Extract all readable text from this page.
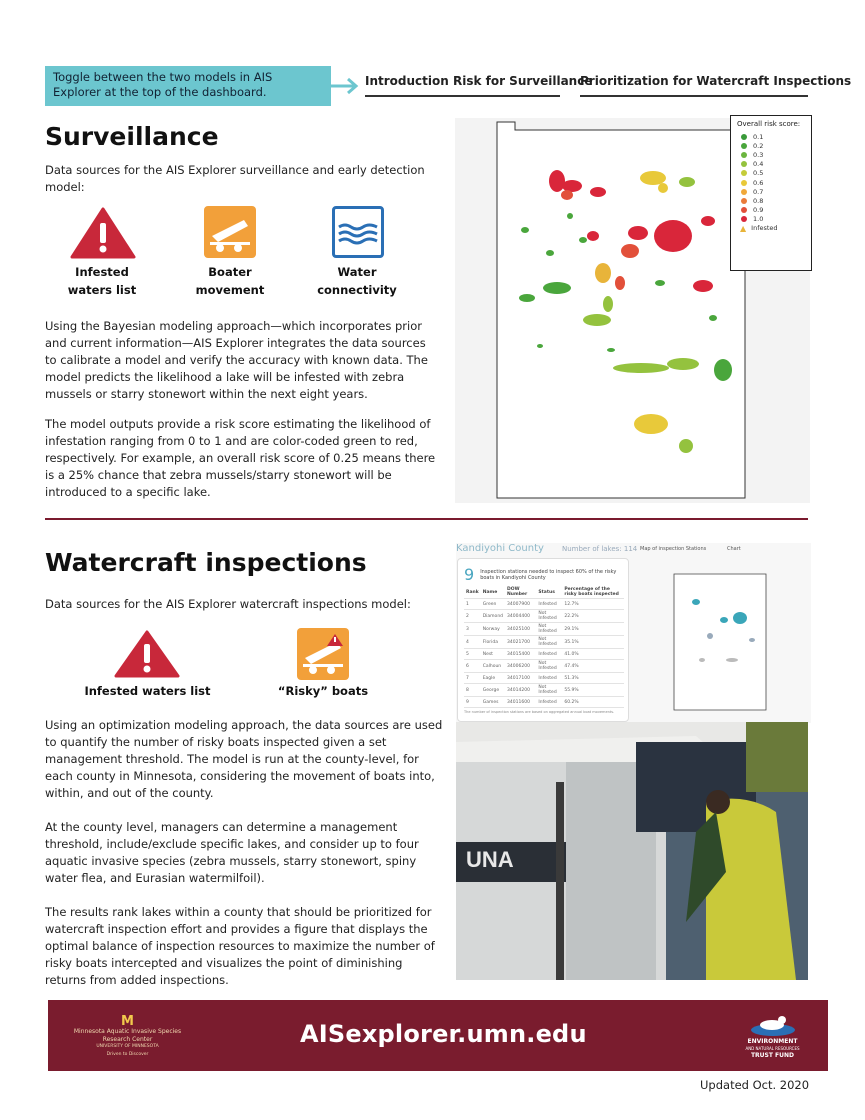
Toggle between the two models in AIS Explorer at the top of the dashboard.
Introduction Risk for Surveillance
Prioritization for Watercraft Inspections
Surveillance

Data sources for the AIS Explorer surveillance and early detection model:

Infested
waters list
Boater
movement
Water
connectivity

Using the Bayesian modeling approach—which incorporates prior and current information—AIS Explorer integrates the data sources to calibrate a model and verify the accuracy with known data. The model predicts the likelihood a lake will be infested with zebra mussels or starry stonewort within the next eight years.

The model outputs provide a risk score estimating the likelihood of infestation ranging from 0 to 1 and are color-coded green to red, respectively. For example, an overall risk score of 0.25 means there is a 25% chance that zebra mussels/starry stonewort will be introduced to a specific lake.

Overall risk score:
0.1
0.2
0.3
0.4
0.5
0.6
0.7
0.8
0.9
1.0
▲ Infested
Watercraft inspections

Data sources for the AIS Explorer watercraft inspections model:

Infested waters list	“Risky” boats

Using an optimization modeling approach, the data sources are used to quantify the number of risky boats inspected given a set management threshold. The model is run at the county-level, for each county in Minnesota, considering the movement of boats into, within, and out of the county.

At the county level, managers can determine a management threshold, include/exclude specific lakes, and consider up to four aquatic invasive species (zebra mussels, starry stonewort, spiny water flea, and Eurasian watermilfoil).

The results rank lakes within a county that should be prioritized for watercraft inspection effort and provides a figure that displays the optimal balance of inspection resources to maximize the number of risky boats intercepted and visualizes the point of diminishing returns from added inspections.

Kandiyohi County	Number of lakes: 114
9 Inspection stations needed to inspect 60% of the risky boats in Kandiyohi County
Rank	Name	DOW Number	Status	Percentage of the risky boats inspected
1	Green	34007900	Infested	12.7%
2	Diamond	34004400	Not Infested	22.2%
3	Norway	34025100	Not Infested	29.1%
4	Florida	34021700	Not Infested	35.1%
5	Nest	34015400	Infested	41.0%
6	Calhoun	34006200	Not Infested	47.4%
7	Eagle	34017100	Infested	51.3%
8	George	34014200	Not Infested	55.9%
9	Games	34011600	Infested	60.2%
The number of inspection stations are based on aggregated annual boat movements.
Map of inspection Stations	Chart
UNA
M
Minnesota Aquatic Invasive Species Research Center
UNIVERSITY OF MINNESOTA
Driven to Discover
AISexplorer.umn.edu	ENVIRONMENT
AND NATURAL RESOURCES
TRUST FUND
Updated Oct. 2020
